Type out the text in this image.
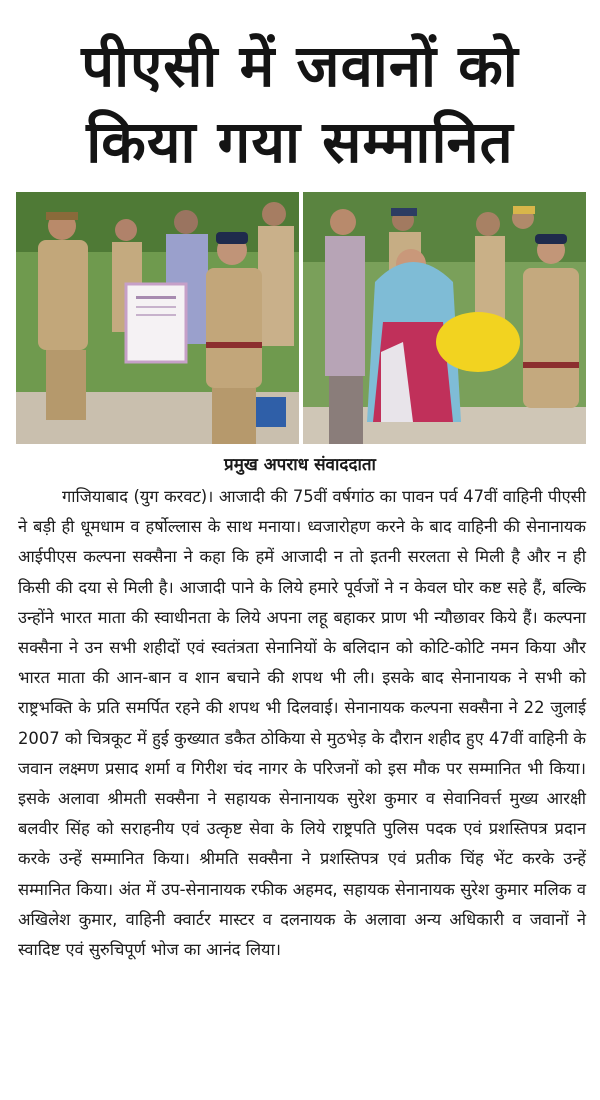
पीएसी में जवानों को
किया गया सम्मानित
प्रमुख अपराध संवाददाता

गाजियाबाद (युग करवट)। आजादी की 75वीं वर्षगांठ का पावन पर्व 47वीं वाहिनी पीएसी ने बड़ी ही धूमधाम व हर्षोल्लास के साथ मनाया। ध्वजारोहण करने के बाद वाहिनी की सेनानायक आईपीएस कल्पना सक्सैना ने कहा कि हमें आजादी न तो इतनी सरलता से मिली है और न ही किसी की दया से मिली है। आजादी पाने के लिये हमारे पूर्वजों ने न केवल घोर कष्ट सहे हैं, बल्कि उन्होंने भारत माता की स्वाधीनता के लिये अपना लहू बहाकर प्राण भी न्यौछावर किये हैं। कल्पना सक्सैना ने उन सभी शहीदों एवं स्वतंत्रता सेनानियों के बलिदान को कोटि-कोटि नमन किया और भारत माता की आन-बान व शान बचाने की शपथ भी ली। इसके बाद सेनानायक ने सभी को राष्ट्रभक्ति के प्रति समर्पित रहने की शपथ भी दिलवाई। सेनानायक कल्पना सक्सैना ने 22 जुलाई 2007 को चित्रकूट में हुई कुख्यात डकैत ठोकिया से मुठभेड़ के दौरान शहीद हुए 47वीं वाहिनी के जवान लक्ष्मण प्रसाद शर्मा व गिरीश चंद नागर के परिजनों को इस मौक पर सम्मानित भी किया। इसके अलावा श्रीमती सक्सैना ने सहायक सेनानायक सुरेश कुमार व सेवानिवर्त्त मुख्य आरक्षी बलवीर सिंह को सराहनीय एवं उत्कृष्ट सेवा के लिये राष्ट्रपति पुलिस पदक एवं प्रशस्तिपत्र प्रदान करके उन्हें सम्मानित किया। श्रीमति सक्सैना ने प्रशस्तिपत्र एवं प्रतीक चिंह भेंट करके उन्हें सम्मानित किया। अंत में उप-सेनानायक रफीक अहमद, सहायक सेनानायक सुरेश कुमार मलिक व अखिलेश कुमार, वाहिनी क्वार्टर मास्टर व दलनायक के अलावा अन्य अधिकारी व जवानों ने स्वादिष्ट एवं सुरुचिपूर्ण भोज का आनंद लिया।
